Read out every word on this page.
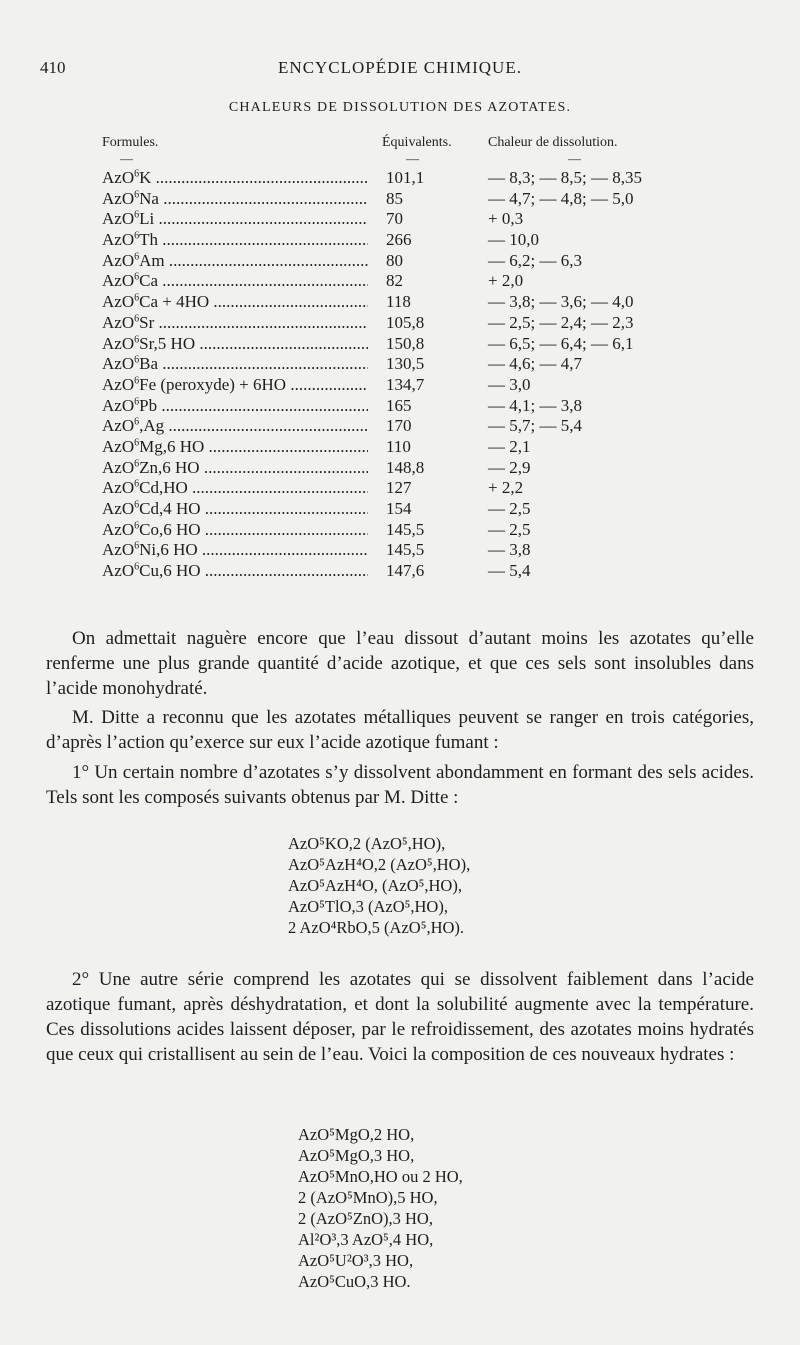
410	ENCYCLOPÉDIE CHIMIQUE.
CHALEURS DE DISSOLUTION DES AZOTATES.
Formules.	Équivalents.	Chaleur de dissolution.
—	—	—
AzO$^6$K .....	101,1	— 8,3; — 8,5; — 8,35
AzO$^6$Na .....	85	— 4,7; — 4,8; — 5,0
AzO$^6$Li .....	70	+ 0,3
AzO$^6$Th .....	266	— 10,0
AzO$^6$Am .....	80	— 6,2; — 6,3
AzO$^6$Ca .....	82	+ 2,0
AzO$^6$Ca + 4HO .....	118	— 3,8; — 3,6; — 4,0
AzO$^6$Sr .....	105,8	— 2,5; — 2,4; — 2,3
AzO$^6$Sr,5 HO .....	150,8	— 6,5; — 6,4; — 6,1
AzO$^6$Ba .....	130,5	— 4,6; — 4,7
AzO$^6$Fe (peroxyde) + 6HO .....	134,7	— 3,0
AzO$^6$Pb .....	165	— 4,1; — 3,8
AzO$^6$,Ag .....	170	— 5,7; — 5,4
AzO$^6$Mg,6 HO .....	110	— 2,1
AzO$^6$Zn,6 HO .....	148,8	— 2,9
AzO$^6$Cd,HO .....	127	+ 2,2
AzO$^6$Cd,4 HO .....	154	— 2,5
AzO$^6$Co,6 HO .....	145,5	— 2,5
AzO$^6$Ni,6 HO .....	145,5	— 3,8
AzO$^6$Cu,6 HO .....	147,6	— 5,4
On admettait naguère encore que l’eau dissout d’autant moins les azotates qu’elle renferme une plus grande quantité d’acide azotique, et que ces sels sont insolubles dans l’acide monohydraté.
M. Ditte a reconnu que les azotates métalliques peuvent se ranger en trois catégories, d’après l’action qu’exerce sur eux l’acide azotique fumant :
1° Un certain nombre d’azotates s’y dissolvent abondamment en formant des sels acides. Tels sont les composés suivants obtenus par M. Ditte :
AzO⁵KO,2 (AzO⁵,HO),
AzO⁵AzH⁴O,2 (AzO⁵,HO),
AzO⁵AzH⁴O, (AzO⁵,HO),
AzO⁵TlO,3 (AzO⁵,HO),
2 AzO⁴RbO,5 (AzO⁵,HO).
2° Une autre série comprend les azotates qui se dissolvent faiblement dans l’acide azotique fumant, après déshydratation, et dont la solubilité augmente avec la température. Ces dissolutions acides laissent déposer, par le refroidissement, des azotates moins hydratés que ceux qui cristallisent au sein de l’eau. Voici la composition de ces nouveaux hydrates :
AzO⁵MgO,2 HO,
AzO⁵MgO,3 HO,
AzO⁵MnO,HO ou 2 HO,
2 (AzO⁵MnO),5 HO,
2 (AzO⁵ZnO),3 HO,
Al²O³,3 AzO⁵,4 HO,
AzO⁵U²O³,3 HO,
AzO⁵CuO,3 HO.
